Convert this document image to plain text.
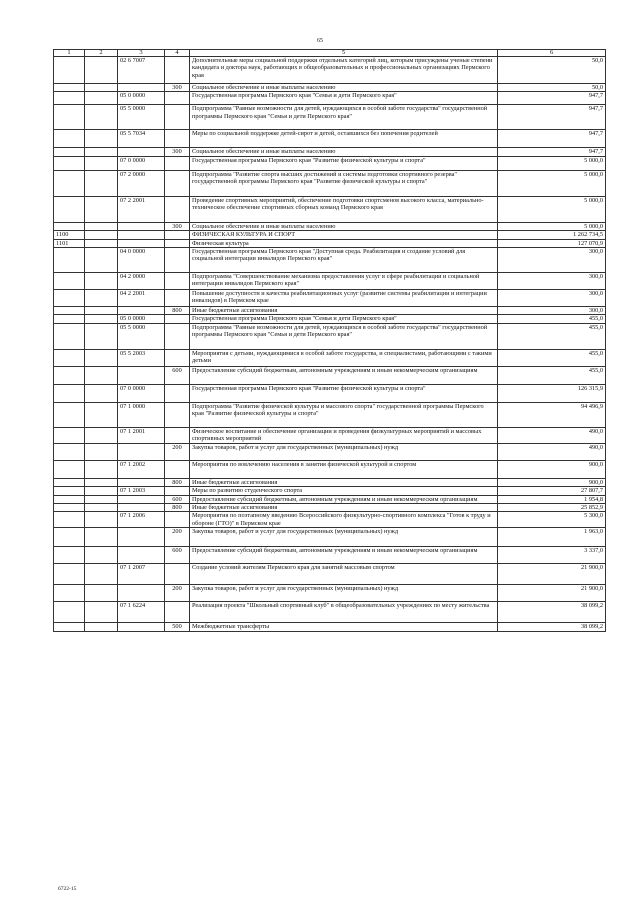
65
1	2	3	4	5	6
		02 6 7007		Дополнительные меры социальной поддержки отдельных категорий лиц, которым присуждены ученые степени кандидата и доктора наук, работающих в общеобразовательных и профессиональных организациях Пермского края	50,0
			300	Социальное обеспечение и иные выплаты населению	50,0
		05 0 0000		Государственная программа Пермского края "Семья и дети Пермского края"	947,7
		05 5 0000		Подпрограмма "Равные возможности для детей, нуждающихся в особой заботе государства" государственной программы Пермского края "Семья и дети Пермского края"	947,7
		05 5 7034		Меры по социальной поддержке детей-сирот и детей, оставшихся без попечения родителей	947,7
			300	Социальное обеспечение и иные выплаты населению	947,7
		07 0 0000		Государственная программа Пермского края "Развитие физической культуры и спорта"	5 000,0
		07 2 0000		Подпрограмма "Развитие спорта высших достижений и системы подготовки спортивного резерва" государственной программы Пермского края "Развитие физической культуры и спорта"	5 000,0
		07 2 2001		Проведение спортивных мероприятий, обеспечение подготовки спортсменов высокого класса, материально-техническое обеспечение спортивных сборных команд Пермского края	5 000,0
			300	Социальное обеспечение и иные выплаты населению	5 000,0
1100				ФИЗИЧЕСКАЯ КУЛЬТУРА И СПОРТ	1 262 734,5
1101				Физическая культура	127 070,9
		04 0 0000		Государственная программа Пермского края "Доступная среда. Реабилитация и создание условий для социальной интеграции инвалидов Пермского края"	300,0
		04 2 0000		Подпрограмма "Совершенствование механизма предоставления услуг в сфере реабилитации и социальной интеграции инвалидов Пермского края"	300,0
		04 2 2001		Повышение доступности и качества реабилитационных услуг (развитие системы реабилитации и интеграции инвалидов) в Пермском крае	300,0
			800	Иные бюджетные ассигнования	300,0
		05 0 0000		Государственная программа Пермского края "Семья и дети Пермского края"	455,0
		05 5 0000		Подпрограмма "Равные возможности для детей, нуждающихся в особой заботе государства" государственной программы Пермского края "Семья и дети Пермского края"	455,0
		05 5 2003		Мероприятия с детьми, нуждающимися в особой заботе государства, и специалистами, работающими с такими детьми	455,0
			600	Предоставление субсидий бюджетным, автономным учреждениям и иным некоммерческим организациям	455,0
		07 0 0000		Государственная программа Пермского края "Развитие физической культуры и спорта"	126 315,9
		07 1 0000		Подпрограмма "Развитие физической культуры и массового спорта" государственной программы Пермского края "Развитие физической культуры и спорта"	94 496,9
		07 1 2001		Физическое воспитание и обеспечение организации и проведения физкультурных мероприятий и массовых спортивных мероприятий	490,0
			200	Закупка товаров, работ и услуг для государственных (муниципальных) нужд	490,0
		07 1 2002		Мероприятия по вовлечению населения в занятия физической культурой и спортом	900,0
			800	Иные бюджетные ассигнования	900,0
		07 1 2003		Меры по развитию студенческого спорта	27 807,7
			600	Предоставление субсидий бюджетным, автономным учреждениям и иным некоммерческим организациям	1 954,8
			800	Иные бюджетные ассигнования	25 852,9
		07 1 2006		Мероприятия по поэтапному введению Всероссийского физкультурно-спортивного комплекса "Готов к труду и обороне (ГТО)" в Пермском крае	5 300,0
			200	Закупка товаров, работ и услуг для государственных (муниципальных) нужд	1 963,0
			600	Предоставление субсидий бюджетным, автономным учреждениям и иным некоммерческим организациям	3 337,0
		07 1 2007		Создание условий жителям Пермского края для занятий массовым спортом	21 900,0
			200	Закупка товаров, работ и услуг для государственных (муниципальных) нужд	21 900,0
		07 1 6224		Реализация проекта "Школьный спортивный клуб" в общеобразовательных учреждениях по месту жительства	38 099,2
			500	Межбюджетные трансферты	38 099,2
6722-15
